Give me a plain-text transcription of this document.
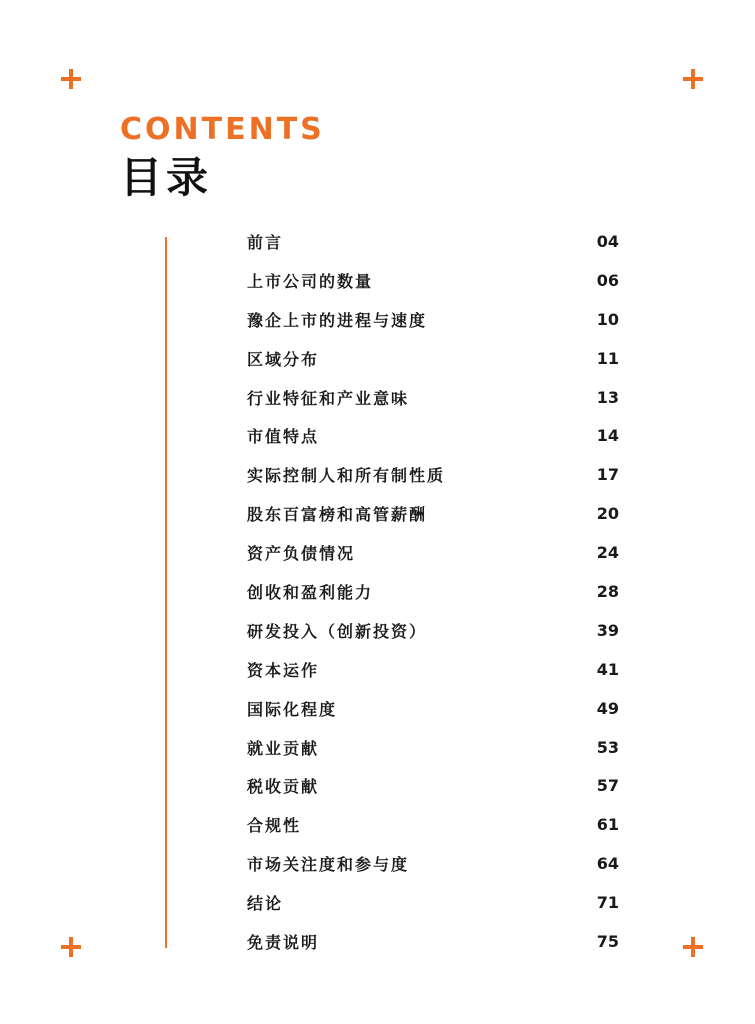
CONTENTS
目录
前言	04
上市公司的数量	06
豫企上市的进程与速度	10
区域分布	11
行业特征和产业意味	13
市值特点	14
实际控制人和所有制性质	17
股东百富榜和高管薪酬	20
资产负债情况	24
创收和盈利能力	28
研发投入（创新投资）	39
资本运作	41
国际化程度	49
就业贡献	53
税收贡献	57
合规性	61
市场关注度和参与度	64
结论	71
免责说明	75
